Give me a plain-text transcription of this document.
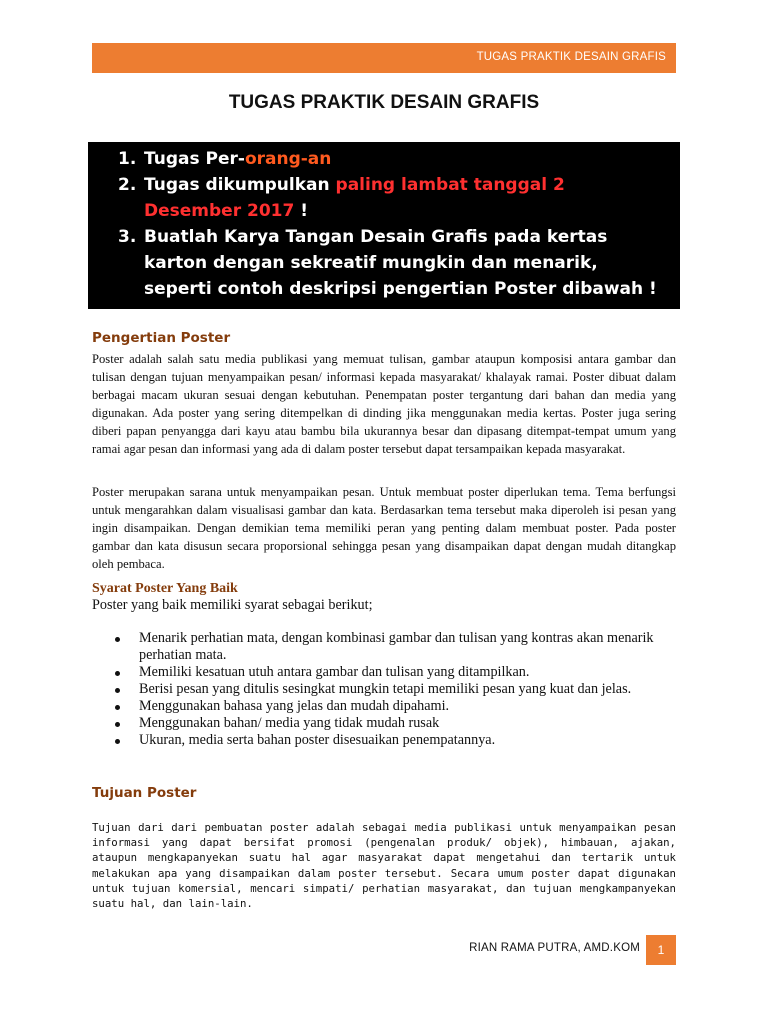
TUGAS PRAKTIK DESAIN GRAFIS
TUGAS PRAKTIK DESAIN GRAFIS
1. Tugas Per-orang-an
2. Tugas dikumpulkan paling lambat tanggal 2 Desember 2017 !
3. Buatlah Karya Tangan Desain Grafis pada kertas karton dengan sekreatif mungkin dan menarik, seperti contoh deskripsi pengertian Poster dibawah !
Pengertian Poster

Poster adalah salah satu media publikasi yang memuat tulisan, gambar ataupun komposisi antara gambar dan tulisan dengan tujuan menyampaikan pesan/ informasi kepada masyarakat/ khalayak ramai. Poster dibuat dalam berbagai macam ukuran sesuai dengan kebutuhan. Penempatan poster tergantung dari bahan dan media yang digunakan. Ada poster yang sering ditempelkan di dinding jika menggunakan media kertas. Poster juga sering diberi papan penyangga dari kayu atau bambu bila ukurannya besar dan dipasang ditempat-tempat umum yang ramai agar pesan dan informasi yang ada di dalam poster tersebut dapat tersampaikan kepada masyarakat.

Poster merupakan sarana untuk menyampaikan pesan. Untuk membuat poster diperlukan tema. Tema berfungsi untuk mengarahkan dalam visualisasi gambar dan kata. Berdasarkan tema tersebut maka diperoleh isi pesan yang ingin disampaikan. Dengan demikian tema memiliki peran yang penting dalam membuat poster. Pada poster gambar dan kata disusun secara proporsional sehingga pesan yang disampaikan dapat dengan mudah ditangkap oleh pembaca.

Syarat Poster Yang Baik

Poster yang baik memiliki syarat sebagai berikut;

Menarik perhatian mata, dengan kombinasi gambar dan tulisan yang kontras akan menarik perhatian mata.
Memiliki kesatuan utuh antara gambar dan tulisan yang ditampilkan.
Berisi pesan yang ditulis sesingkat mungkin tetapi memiliki pesan yang kuat dan jelas.
Menggunakan bahasa yang jelas dan mudah dipahami.
Menggunakan bahan/ media yang tidak mudah rusak
Ukuran, media serta bahan poster disesuaikan penempatannya.
Tujuan Poster

Tujuan dari dari pembuatan poster adalah sebagai media publikasi untuk menyampaikan pesan informasi yang dapat bersifat promosi (pengenalan produk/ objek), himbauan, ajakan, ataupun mengkapanyekan suatu hal agar masyarakat dapat mengetahui dan tertarik untuk melakukan apa yang disampaikan dalam poster tersebut. Secara umum poster dapat digunakan untuk tujuan komersial, mencari simpati/ perhatian masyarakat, dan tujuan mengkampanyekan suatu hal, dan lain-lain.

RIAN RAMA PUTRA, AMD.KOM	1
